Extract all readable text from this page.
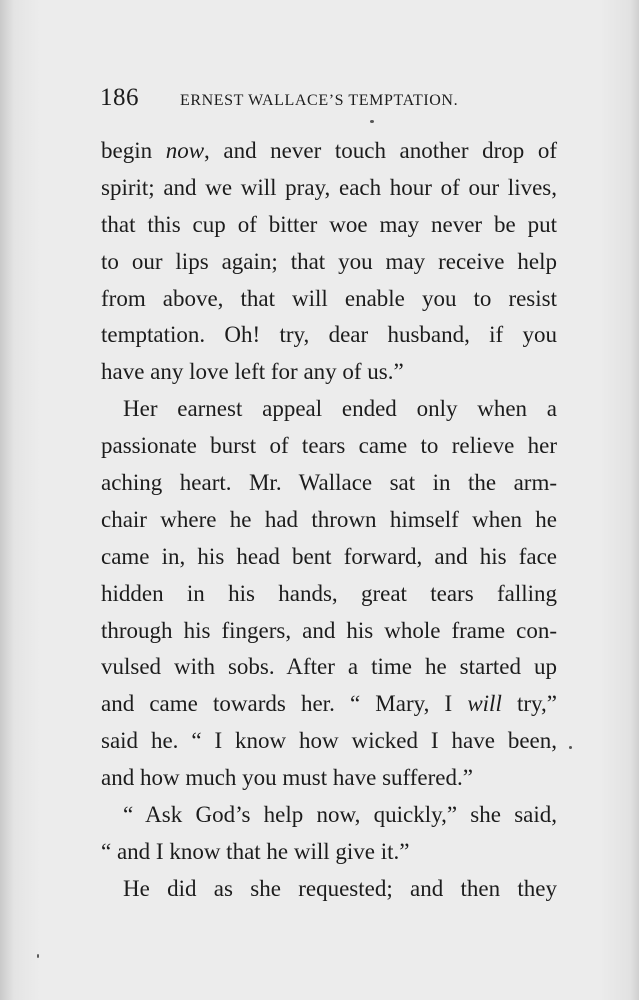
186	ERNEST WALLACE’S TEMPTATION.
begin now, and never touch another drop of
spirit; and we will pray, each hour of our lives,
that this cup of bitter woe may never be put
to our lips again; that you may receive help
from above, that will enable you to resist
temptation. Oh! try, dear husband, if you
have any love left for any of us.”
Her earnest appeal ended only when a
passionate burst of tears came to relieve her
aching heart. Mr. Wallace sat in the arm-
chair where he had thrown himself when he
came in, his head bent forward, and his face
hidden in his hands, great tears falling
through his fingers, and his whole frame con-
vulsed with sobs. After a time he started up
and came towards her. “ Mary, I will try,”
said he. “ I know how wicked I have been,
and how much you must have suffered.”
“ Ask God’s help now, quickly,” she said,
“ and I know that he will give it.”
He did as she requested; and then they
